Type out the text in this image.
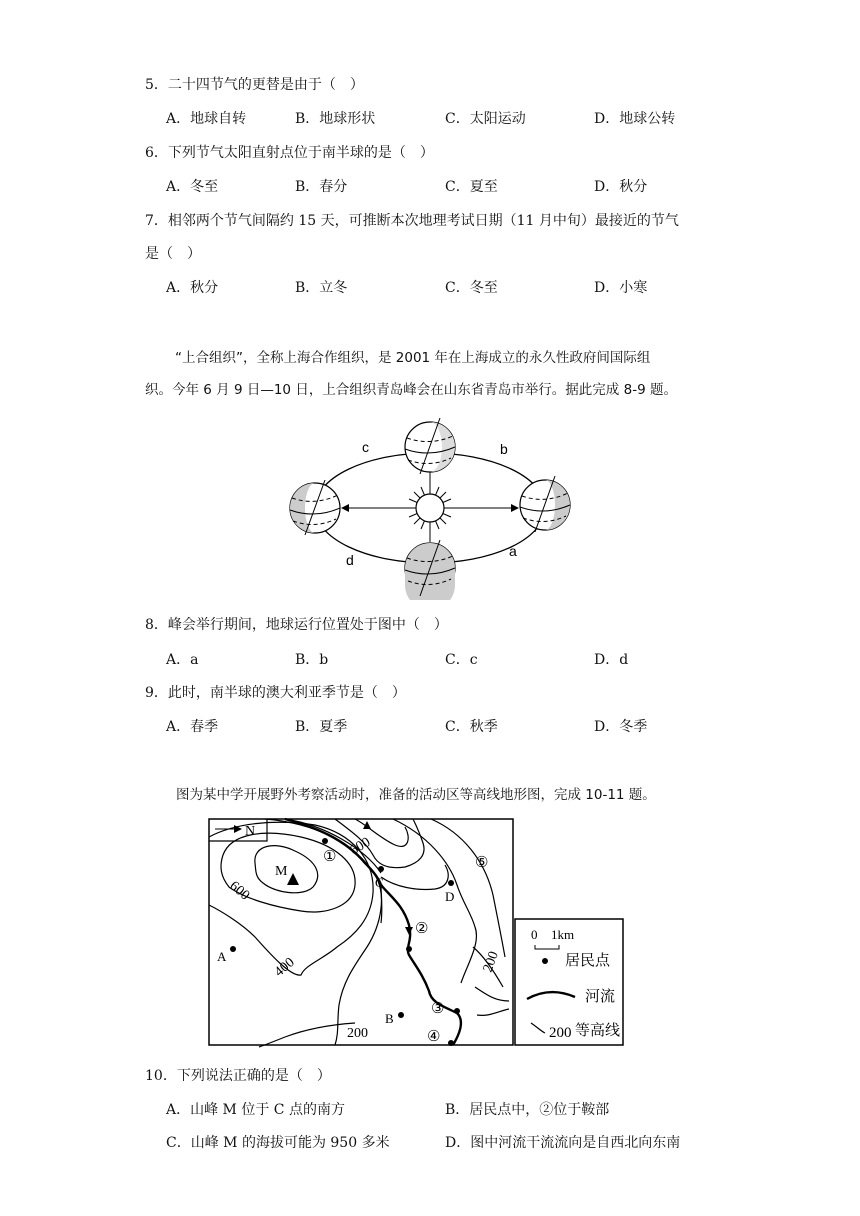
5．二十四节气的更替是由于（　）
A．地球自转	B．地球形状	C．太阳运动	D．地球公转
6．下列节气太阳直射点位于南半球的是（　）
A．冬至	B．春分	C．夏至	D．秋分
7．相邻两个节气间隔约 15 天，可推断本次地理考试日期（11 月中旬）最接近的节气
是（　）
A．秋分	B．立冬	C．冬至	D．小寒
“上合组织”，全称上海合作组织，是 2001 年在上海成立的永久性政府间国际组
织。今年 6 月 9 日—10 日，上合组织青岛峰会在山东省青岛市举行。据此完成 8-9 题。
c	b
d
a
8．峰会举行期间，地球运行位置处于图中（　）
A．a	B．b	C．c	D．d
9．此时，南半球的澳大利亚季节是（　）
A．春季	B．夏季	C．秋季	D．冬季
图为某中学开展野外考察活动时，准备的活动区等高线地形图，完成 10-11 题。
N
M
600
600
400
200
200
A
B
C
D
①
②
③
④
⑤
0 1km
居民点
河流
200 等高线
10．下列说法正确的是（　）
A．山峰 M 位于 C 点的南方	B．居民点中，②位于鞍部
C．山峰 M 的海拔可能为 950 多米	D．图中河流干流流向是自西北向东南
